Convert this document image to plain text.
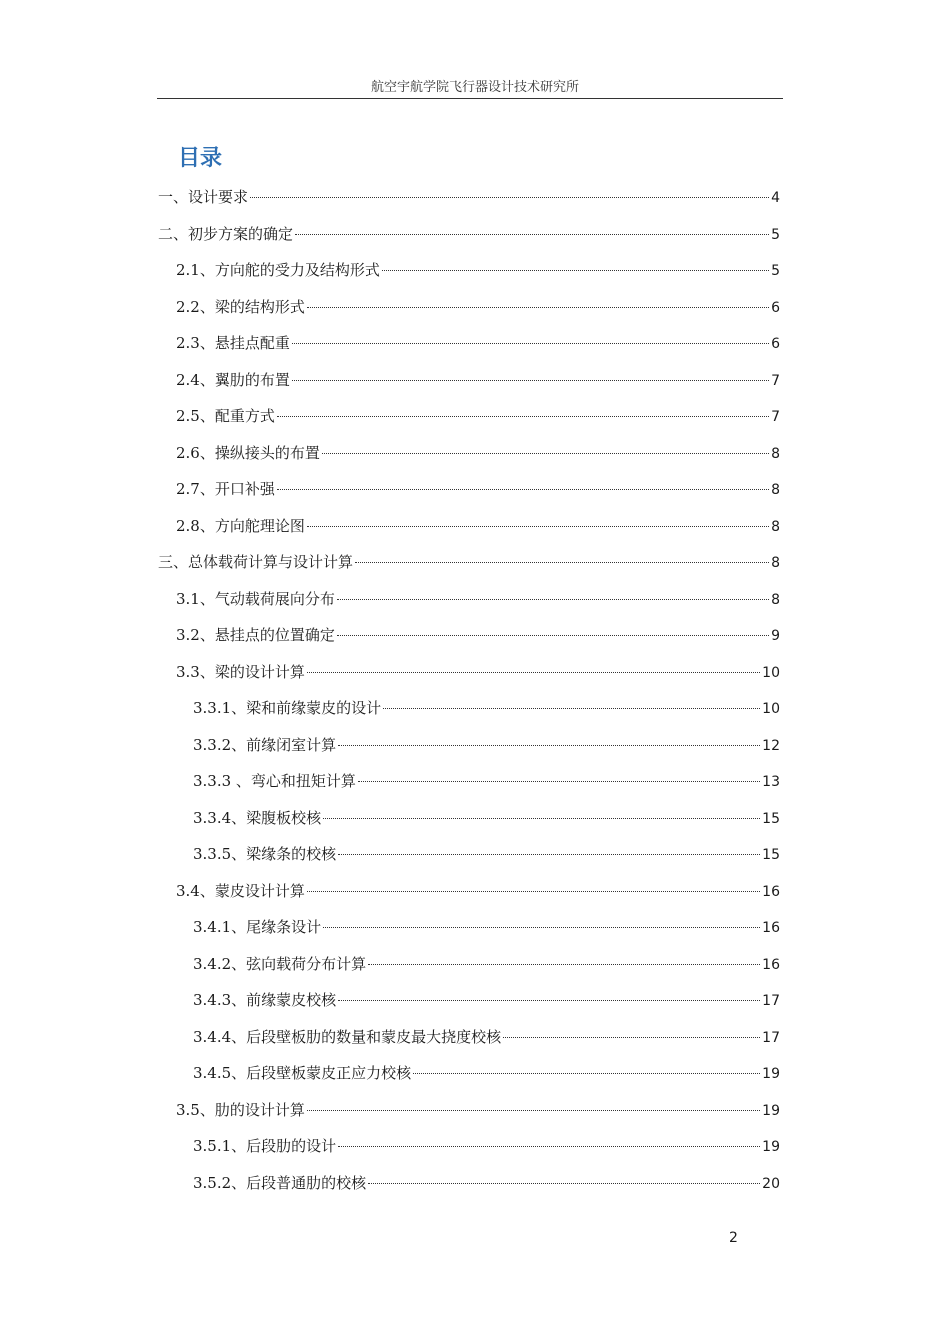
航空宇航学院飞行器设计技术研究所
目录
一、设计要求	4
二、初步方案的确定	5
2.1、方向舵的受力及结构形式	5
2.2、梁的结构形式	6
2.3、悬挂点配重	6
2.4、翼肋的布置	7
2.5、配重方式	7
2.6、操纵接头的布置	8
2.7、开口补强	8
2.8、方向舵理论图	8
三、总体载荷计算与设计计算	8
3.1、气动载荷展向分布	8
3.2、悬挂点的位置确定	9
3.3、梁的设计计算	10
3.3.1、梁和前缘蒙皮的设计	10
3.3.2、前缘闭室计算	12
3.3.3 、弯心和扭矩计算	13
3.3.4、梁腹板校核	15
3.3.5、梁缘条的校核	15
3.4、蒙皮设计计算	16
3.4.1、尾缘条设计	16
3.4.2、弦向载荷分布计算	16
3.4.3、前缘蒙皮校核	17
3.4.4、后段壁板肋的数量和蒙皮最大挠度校核	17
3.4.5、后段壁板蒙皮正应力校核	19
3.5、肋的设计计算	19
3.5.1、后段肋的设计	19
3.5.2、后段普通肋的校核	20
2
